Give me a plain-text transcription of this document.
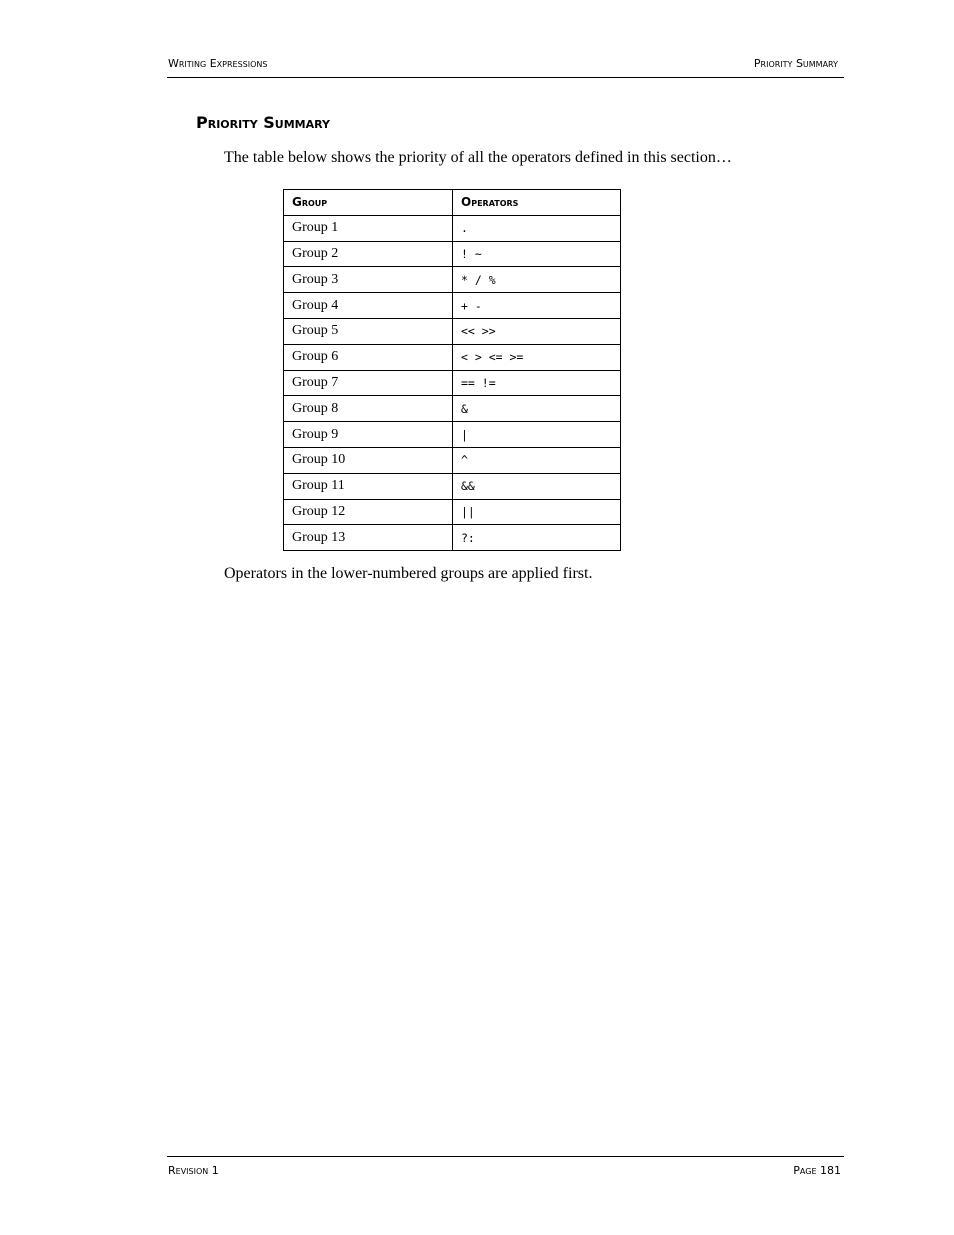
Writing Expressions	Priority Summary
Priority Summary

The table below shows the priority of all the operators defined in this section…

Group	Operators
Group 1	.
Group 2	! ~
Group 3	* / %
Group 4	+ -
Group 5	<< >>
Group 6	< > <= >=
Group 7	== !=
Group 8	&
Group 9	|
Group 10	^
Group 11	&&
Group 12	||
Group 13	?:

Operators in the lower-numbered groups are applied first.

Revision 1	Page 181
